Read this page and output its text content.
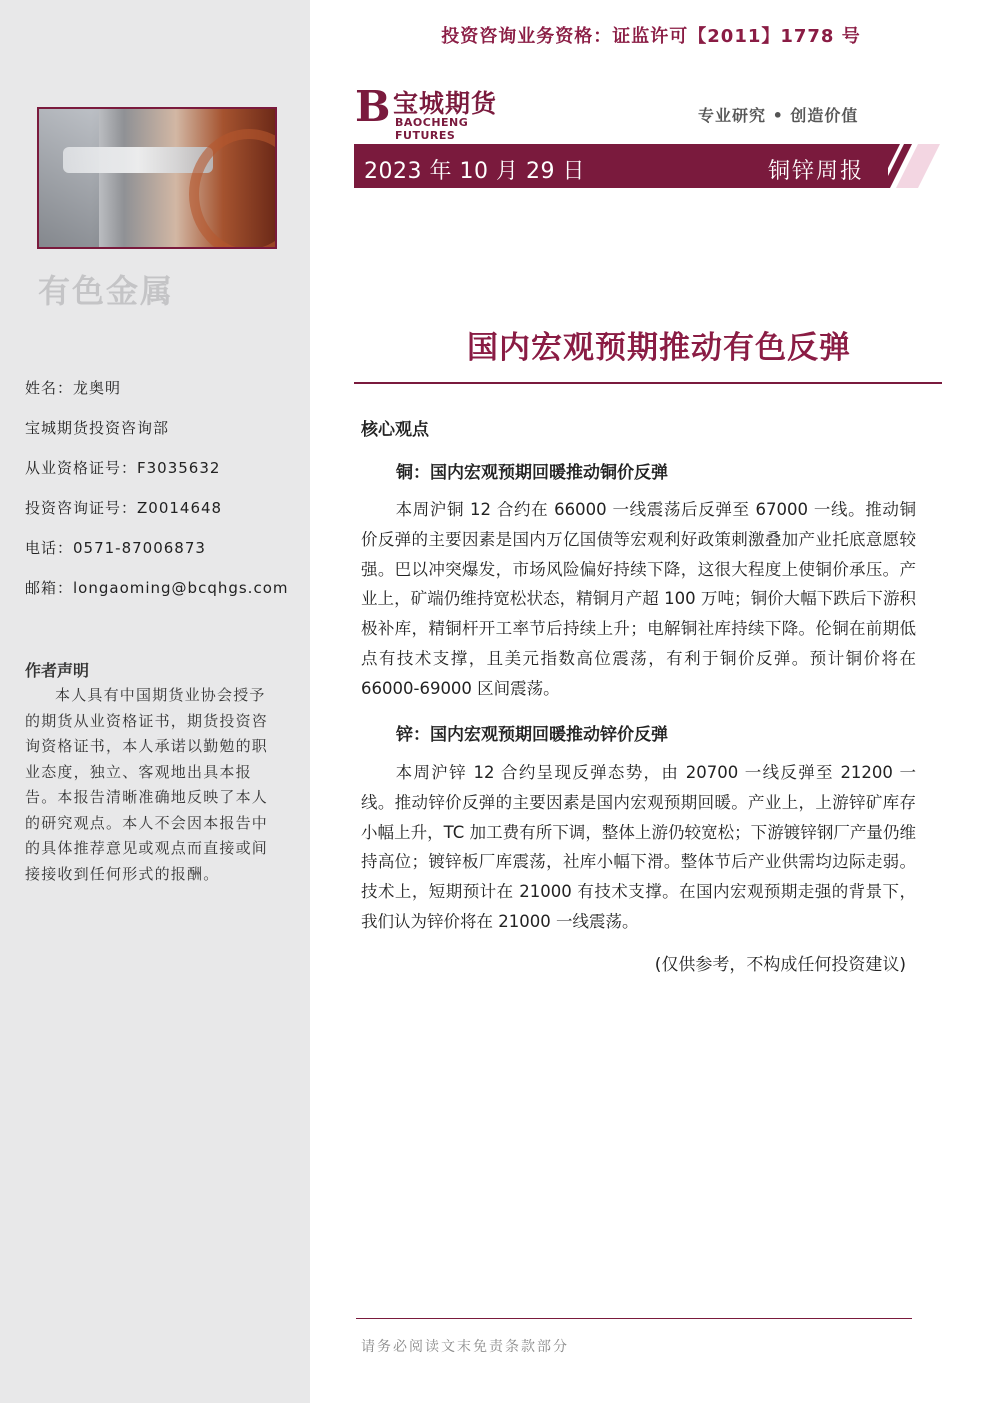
有色金属
姓名：龙奥明
宝城期货投资咨询部
从业资格证号：F3035632
投资咨询证号：Z0014648
电话：0571-87006873
邮箱：longaoming@bcqhgs.com
作者声明
本人具有中国期货业协会授予的期货从业资格证书，期货投资咨询资格证书，本人承诺以勤勉的职业态度，独立、客观地出具本报告。本报告清晰准确地反映了本人的研究观点。本人不会因本报告中的具体推荐意见或观点而直接或间接接收到任何形式的报酬。
投资咨询业务资格：证监许可【2011】1778 号
B 宝城期货
BAOCHENG FUTURES
专业研究 • 创造价值
2023 年 10 月 29 日	铜锌周报
国内宏观预期推动有色反弹
核心观点
铜：国内宏观预期回暖推动铜价反弹
本周沪铜 12 合约在 66000 一线震荡后反弹至 67000 一线。推动铜价反弹的主要因素是国内万亿国债等宏观利好政策刺激叠加产业托底意愿较强。巴以冲突爆发，市场风险偏好持续下降，这很大程度上使铜价承压。产业上，矿端仍维持宽松状态，精铜月产超 100 万吨；铜价大幅下跌后下游积极补库，精铜杆开工率节后持续上升；电解铜社库持续下降。伦铜在前期低点有技术支撑，且美元指数高位震荡，有利于铜价反弹。预计铜价将在 66000-69000 区间震荡。
锌：国内宏观预期回暖推动锌价反弹
本周沪锌 12 合约呈现反弹态势，由 20700 一线反弹至 21200 一线。推动锌价反弹的主要因素是国内宏观预期回暖。产业上，上游锌矿库存小幅上升，TC 加工费有所下调，整体上游仍较宽松；下游镀锌钢厂产量仍维持高位；镀锌板厂库震荡，社库小幅下滑。整体节后产业供需均边际走弱。技术上，短期预计在 21000 有技术支撑。在国内宏观预期走强的背景下，我们认为锌价将在 21000 一线震荡。
(仅供参考，不构成任何投资建议)
请务必阅读文末免责条款部分
